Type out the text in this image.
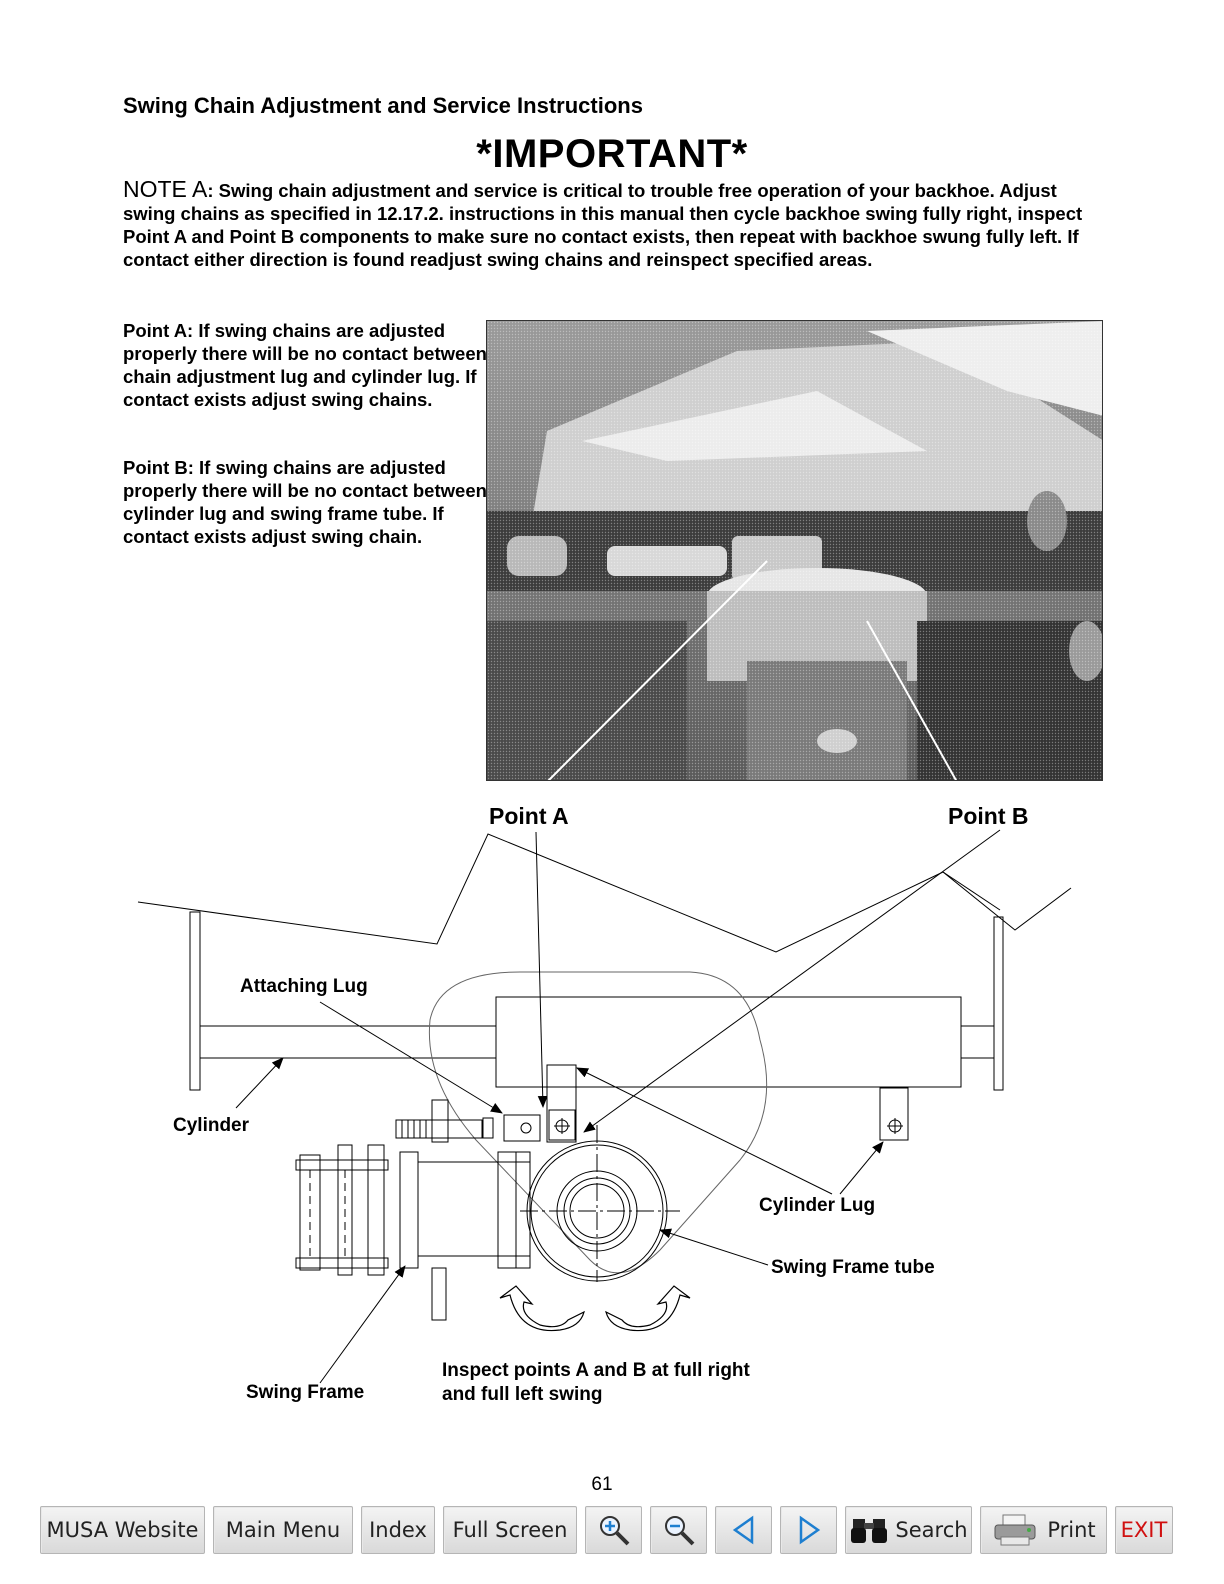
Swing Chain Adjustment and Service Instructions
*IMPORTANT*
NOTE A: Swing chain adjustment and service is critical to trouble free operation of your backhoe. Adjust swing chains as specified in 12.17.2. instructions in this manual then cycle backhoe swing fully right, inspect Point A and Point B components to make sure no contact exists, then repeat with backhoe swung fully left. If contact either direction is found readjust swing chains and reinspect specified areas.
Point A: If swing chains are adjusted properly there will be no contact between chain adjustment lug and cylinder lug. If contact exists adjust swing chains.
Point B: If swing chains are adjusted properly there will be no contact between cylinder lug and swing frame tube. If contact exists adjust swing chain.
Point A	Point B
Attaching Lug
Cylinder
Cylinder Lug
Swing Frame tube
Swing Frame
Inspect points A and B at full right
and full left swing
61
MUSA Website Main Menu Index Full Screen	Search	Print EXIT
